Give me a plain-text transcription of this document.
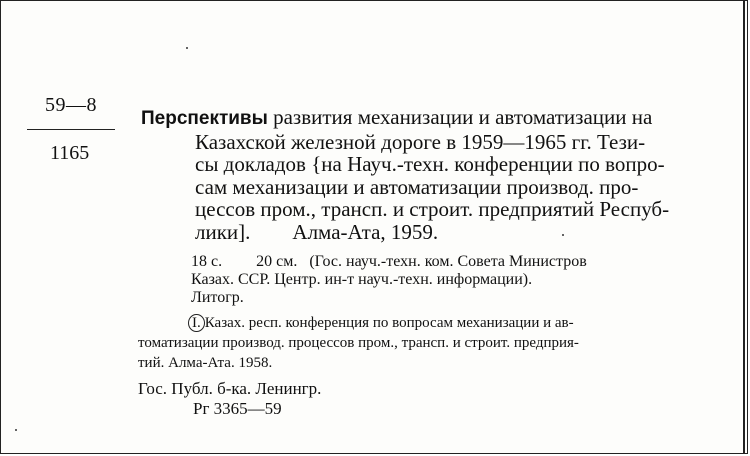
59—8
1165
Перспективы развития механизации и автоматизации на
Казахской железной дороге в 1959—1965 гг. Тези-
сы докладов {на Науч.-техн. конференции по вопро-
сам механизации и автоматизации производ. про-
цессов пром., трансп. и строит. предприятий Респуб-
лики]. Алма-Ата, 1959.
18 с. 20 см. (Гос. науч.-техн. ком. Совета Министров
Казах. ССР. Центр. ин-т науч.-техн. информации).
Литогр.
I. Казах. респ. конференция по вопросам механизации и ав-
томатизации производ. процессов пром., трансп. и строит. предприя-
тий. Алма-Ата. 1958.
Гос. Публ. б-ка. Ленингр.
Рг 3365—59
